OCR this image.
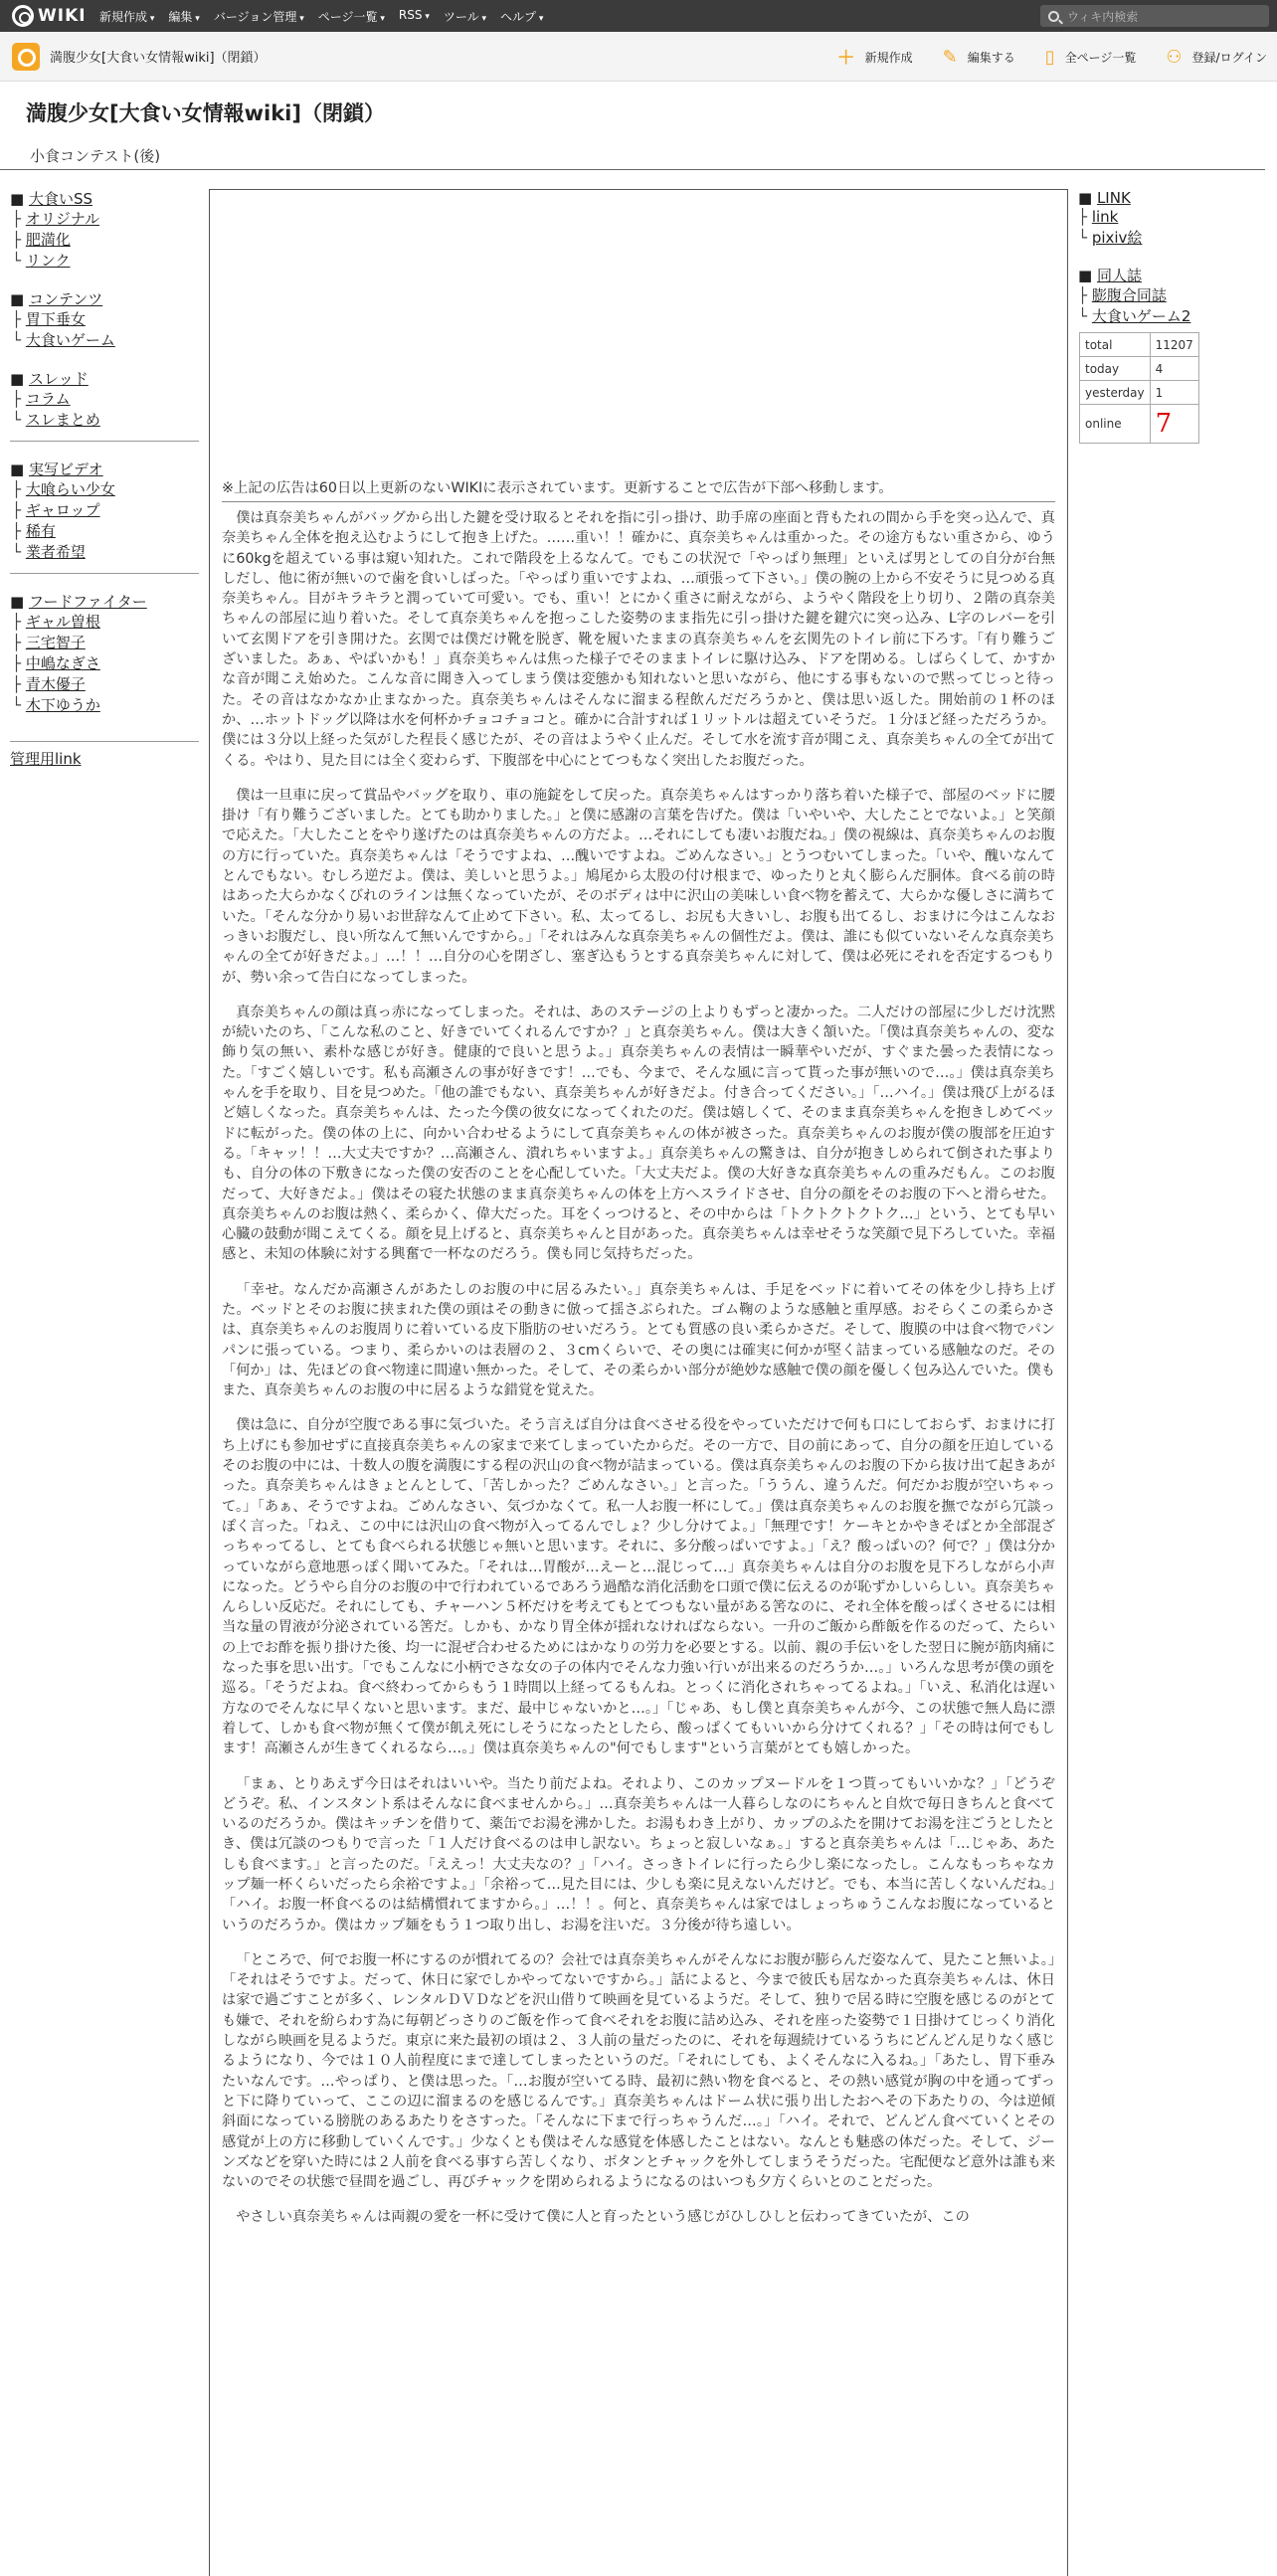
WIKI 新規作成 ▾	編集 ▾	バージョン管理 ▾	ページ一覧 ▾	RSS ▾	ツール ▾	ヘルプ ▾	ウィキ内検索
満腹少女[大食い女情報wiki]（閉鎖）	＋ 新規作成 ✎ 編集する ▯ 全ページ一覧 ⚇ 登録/ログイン
満腹少女[大食い女情報wiki]（閉鎖）
小食コンテスト(後)
■ 大食いSS
├ オリジナル
├ 肥満化
└ リンク
■ コンテンツ
├ 胃下垂女
└ 大食いゲーム
■ スレッド
├ コラム
└ スレまとめ
■ 実写ビデオ
├ 大喰らい少女
├ ギャロップ
├ 稀有
└ 業者希望
■ フードファイター
├ ギャル曽根
├ 三宅智子
├ 中嶋なぎさ
├ 青木優子
└ 木下ゆうか
管理用link
※上記の広告は60日以上更新のないWIKIに表示されています。更新することで広告が下部へ移動します。

僕は真奈美ちゃんがバッグから出した鍵を受け取るとそれを指に引っ掛け、助手席の座面と背もたれの間から手を突っ込んで、真奈美ちゃん全体を抱え込むようにして抱き上げた。……重い！！確かに、真奈美ちゃんは重かった。その途方もない重さから、ゆうに60kgを超えている事は窺い知れた。これで階段を上るなんて。でもこの状況で「やっぱり無理」といえば男としての自分が台無しだし、他に術が無いので歯を食いしばった。「やっぱり重いですよね、…頑張って下さい。」僕の腕の上から不安そうに見つめる真奈美ちゃん。目がキラキラと潤っていて可愛い。でも、重い！とにかく重さに耐えながら、ようやく階段を上り切り、２階の真奈美ちゃんの部屋に辿り着いた。そして真奈美ちゃんを抱っこした姿勢のまま指先に引っ掛けた鍵を鍵穴に突っ込み、L字のレバーを引いて玄関ドアを引き開けた。玄関では僕だけ靴を脱ぎ、靴を履いたままの真奈美ちゃんを玄関先のトイレ前に下ろす。「有り難うございました。あぁ、やばいかも！」真奈美ちゃんは焦った様子でそのままトイレに駆け込み、ドアを閉める。しばらくして、かすかな音が聞こえ始めた。こんな音に聞き入ってしまう僕は変態かも知れないと思いながら、他にする事もないので黙ってじっと待った。その音はなかなか止まなかった。真奈美ちゃんはそんなに溜まる程飲んだだろうかと、僕は思い返した。開始前の１杯のほか、…ホットドッグ以降は水を何杯かチョコチョコと。確かに合計すれば１リットルは超えていそうだ。１分ほど経っただろうか。僕には３分以上経った気がした程長く感じたが、その音はようやく止んだ。そして水を流す音が聞こえ、真奈美ちゃんの全てが出てくる。やはり、見た目には全く変わらず、下腹部を中心にとてつもなく突出したお腹だった。

僕は一旦車に戻って賞品やバッグを取り、車の施錠をして戻った。真奈美ちゃんはすっかり落ち着いた様子で、部屋のベッドに腰掛け「有り難うございました。とても助かりました。」と僕に感謝の言葉を告げた。僕は「いやいや、大したことでないよ。」と笑顔で応えた。「大したことをやり遂げたのは真奈美ちゃんの方だよ。…それにしても凄いお腹だね。」僕の視線は、真奈美ちゃんのお腹の方に行っていた。真奈美ちゃんは「そうですよね、…醜いですよね。ごめんなさい。」とうつむいてしまった。「いや、醜いなんてとんでもない。むしろ逆だよ。僕は、美しいと思うよ。」鳩尾から太股の付け根まで、ゆったりと丸く膨らんだ胴体。食べる前の時はあった大らかなくびれのラインは無くなっていたが、そのボディは中に沢山の美味しい食べ物を蓄えて、大らかな優しさに満ちていた。「そんな分かり易いお世辞なんて止めて下さい。私、太ってるし、お尻も大きいし、お腹も出てるし、おまけに今はこんなおっきいお腹だし、良い所なんて無いんですから。」「それはみんな真奈美ちゃんの個性だよ。僕は、誰にも似ていないそんな真奈美ちゃんの全てが好きだよ。」…！！…自分の心を閉ざし、塞ぎ込もうとする真奈美ちゃんに対して、僕は必死にそれを否定するつもりが、勢い余って告白になってしまった。

真奈美ちゃんの顔は真っ赤になってしまった。それは、あのステージの上よりもずっと凄かった。二人だけの部屋に少しだけ沈黙が続いたのち、「こんな私のこと、好きでいてくれるんですか？」と真奈美ちゃん。僕は大きく頷いた。「僕は真奈美ちゃんの、変な飾り気の無い、素朴な感じが好き。健康的で良いと思うよ。」真奈美ちゃんの表情は一瞬華やいだが、すぐまた曇った表情になった。「すごく嬉しいです。私も高瀬さんの事が好きです！…でも、今まで、そんな風に言って貰った事が無いので…。」僕は真奈美ちゃんを手を取り、目を見つめた。「他の誰でもない、真奈美ちゃんが好きだよ。付き合ってください。」「…ハイ。」僕は飛び上がるほど嬉しくなった。真奈美ちゃんは、たった今僕の彼女になってくれたのだ。僕は嬉しくて、そのまま真奈美ちゃんを抱きしめてベッドに転がった。僕の体の上に、向かい合わせるようにして真奈美ちゃんの体が被さった。真奈美ちゃんのお腹が僕の腹部を圧迫する。「キャッ！！…大丈夫ですか？…高瀬さん、潰れちゃいますよ。」真奈美ちゃんの驚きは、自分が抱きしめられて倒された事よりも、自分の体の下敷きになった僕の安否のことを心配していた。「大丈夫だよ。僕の大好きな真奈美ちゃんの重みだもん。このお腹だって、大好きだよ。」僕はその寝た状態のまま真奈美ちゃんの体を上方へスライドさせ、自分の顔をそのお腹の下へと滑らせた。真奈美ちゃんのお腹は熱く、柔らかく、偉大だった。耳をくっつけると、その中からは「トクトクトクトク…」という、とても早い心臓の鼓動が聞こえてくる。顔を見上げると、真奈美ちゃんと目があった。真奈美ちゃんは幸せそうな笑顔で見下ろしていた。幸福感と、未知の体験に対する興奮で一杯なのだろう。僕も同じ気持ちだった。

「幸せ。なんだか高瀬さんがあたしのお腹の中に居るみたい。」真奈美ちゃんは、手足をベッドに着いてその体を少し持ち上げた。ベッドとそのお腹に挟まれた僕の頭はその動きに倣って揺さぶられた。ゴム鞠のような感触と重厚感。おそらくこの柔らかさは、真奈美ちゃんのお腹周りに着いている皮下脂肪のせいだろう。とても質感の良い柔らかさだ。そして、腹膜の中は食べ物でパンパンに張っている。つまり、柔らかいのは表層の２、３cmくらいで、その奥には確実に何かが堅く詰まっている感触なのだ。その「何か」は、先ほどの食べ物達に間違い無かった。そして、その柔らかい部分が絶妙な感触で僕の顔を優しく包み込んでいた。僕もまた、真奈美ちゃんのお腹の中に居るような錯覚を覚えた。

僕は急に、自分が空腹である事に気づいた。そう言えば自分は食べさせる役をやっていただけで何も口にしておらず、おまけに打ち上げにも参加せずに直接真奈美ちゃんの家まで来てしまっていたからだ。その一方で、目の前にあって、自分の顔を圧迫しているそのお腹の中には、十数人の腹を満腹にする程の沢山の食べ物が詰まっている。僕は真奈美ちゃんのお腹の下から抜け出て起きあがった。真奈美ちゃんはきょとんとして、「苦しかった？ごめんなさい。」と言った。「ううん、違うんだ。何だかお腹が空いちゃって。」「あぁ、そうですよね。ごめんなさい、気づかなくて。私一人お腹一杯にして。」僕は真奈美ちゃんのお腹を撫でながら冗談っぽく言った。「ねえ、この中には沢山の食べ物が入ってるんでしょ？少し分けてよ。」「無理です！ケーキとかやきそばとか全部混ざっちゃってるし、とても食べられる状態じゃ無いと思います。それに、多分酸っぱいですよ。」「え？酸っぱいの？何で？」僕は分かっていながら意地悪っぽく聞いてみた。「それは…胃酸が…えーと…混じって…」真奈美ちゃんは自分のお腹を見下ろしながら小声になった。どうやら自分のお腹の中で行われているであろう過酷な消化活動を口頭で僕に伝えるのが恥ずかしいらしい。真奈美ちゃんらしい反応だ。それにしても、チャーハン５杯だけを考えてもとてつもない量がある筈なのに、それ全体を酸っぱくさせるには相当な量の胃液が分泌されている筈だ。しかも、かなり胃全体が揺れなければならない。一升のご飯から酢飯を作るのだって、たらいの上でお酢を振り掛けた後、均一に混ぜ合わせるためにはかなりの労力を必要とする。以前、親の手伝いをした翌日に腕が筋肉痛になった事を思い出す。「でもこんなに小柄でさな女の子の体内でそんな力強い行いが出来るのだろうか…。」いろんな思考が僕の頭を巡る。「そうだよね。食べ終わってからもう１時間以上経ってるもんね。とっくに消化されちゃってるよね。」「いえ、私消化は遅い方なのでそんなに早くないと思います。まだ、最中じゃないかと…。」「じゃあ、もし僕と真奈美ちゃんが今、この状態で無人島に漂着して、しかも食べ物が無くて僕が飢え死にしそうになったとしたら、酸っぱくてもいいから分けてくれる？」「その時は何でもします！高瀬さんが生きてくれるなら…。」僕は真奈美ちゃんの"何でもします"という言葉がとても嬉しかった。

「まぁ、とりあえず今日はそれはいいや。当たり前だよね。それより、このカップヌードルを１つ貰ってもいいかな？」「どうぞどうぞ。私、インスタント系はそんなに食べませんから。」…真奈美ちゃんは一人暮らしなのにちゃんと自炊で毎日きちんと食べているのだろうか。僕はキッチンを借りて、薬缶でお湯を沸かした。お湯もわき上がり、カップのふたを開けてお湯を注ごうとしたとき、僕は冗談のつもりで言った「１人だけ食べるのは申し訳ない。ちょっと寂しいなぁ。」すると真奈美ちゃんは「…じゃあ、あたしも食べます。」と言ったのだ。「ええっ！大丈夫なの？」「ハイ。さっきトイレに行ったら少し楽になったし。こんなもっちゃなカップ麺一杯くらいだったら余裕ですよ。」「余裕って…見た目には、少しも楽に見えないんだけど。でも、本当に苦しくないんだね。」「ハイ。お腹一杯食べるのは結構慣れてますから。」…！！。何と、真奈美ちゃんは家ではしょっちゅうこんなお腹になっているというのだろうか。僕はカップ麺をもう１つ取り出し、お湯を注いだ。３分後が待ち遠しい。

「ところで、何でお腹一杯にするのが慣れてるの？会社では真奈美ちゃんがそんなにお腹が膨らんだ姿なんて、見たこと無いよ。」「それはそうですよ。だって、休日に家でしかやってないですから。」話によると、今まで彼氏も居なかった真奈美ちゃんは、休日は家で過ごすことが多く、レンタルＤＶＤなどを沢山借りて映画を見ているようだ。そして、独りで居る時に空腹を感じるのがとても嫌で、それを紛らわす為に毎朝どっさりのご飯を作って食べそれをお腹に詰め込み、それを座った姿勢で１日掛けてじっくり消化しながら映画を見るようだ。東京に来た最初の頃は２、３人前の量だったのに、それを毎週続けているうちにどんどん足りなく感じるようになり、今では１０人前程度にまで達してしまったというのだ。「それにしても、よくそんなに入るね。」「あたし、胃下垂みたいなんです。…やっぱり、と僕は思った。「…お腹が空いてる時、最初に熱い物を食べると、その熱い感覚が胸の中を通ってずっと下に降りていって、ここの辺に溜まるのを感じるんです。」真奈美ちゃんはドーム状に張り出したおへその下あたりの、今は逆傾斜面になっている膀胱のあるあたりをさすった。「そんなに下まで行っちゃうんだ…。」「ハイ。それで、どんどん食べていくとその感覚が上の方に移動していくんです。」少なくとも僕はそんな感覚を体感したことはない。なんとも魅惑の体だった。そして、ジーンズなどを穿いた時には２人前を食べる事すら苦しくなり、ボタンとチャックを外してしまうそうだった。宅配便など意外は誰も来ないのでその状態で昼間を過ごし、再びチャックを閉められるようになるのはいつも夕方くらいとのことだった。

やさしい真奈美ちゃんは両親の愛を一杯に受けて僕に人と育ったという感じがひしひしと伝わってきていたが、この

■ LINK
├ link
└ pixiv絵
■ 同人誌
├ 膨腹合同誌
└ 大食いゲーム2
total	11207
today	4
yesterday	1
online	7
